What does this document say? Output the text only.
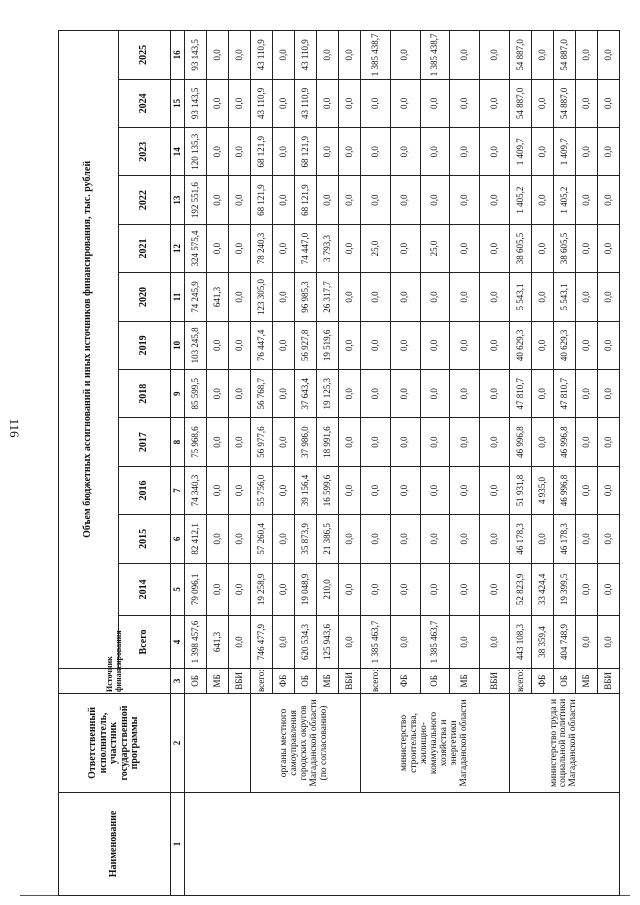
116
Наименование	Ответственный исполнитель, участник государственной программы	Источник финансирования	Объем бюджетных ассигнований и иных источников финансирования, тыс. рублей												
			Всего	2014	2015	2016	2017	2018	2019	2020	2021	2022	2023	2024	2025
1	2	3	4	5	6	7	8	9	10	11	12	13	14	15	16
		ОБ	1 398 457,6	79 096,1	82 412,1	74 340,3	75 968,6	85 599,5	103 245,8	74 245,9	324 575,4	192 551,6	120 135,3	93 143,5	93 143,5
		МБ	641,3	0,0	0,0	0,0	0,0	0,0	0,0	641,3	0,0	0,0	0,0	0,0	0,0
		ВБИ	0,0	0,0	0,0	0,0	0,0	0,0	0,0	0,0	0,0	0,0	0,0	0,0	0,0
	органы местного самоуправления городских округов Магаданской области (по согласованию)	всего:	746 477,9	19 258,9	57 260,4	55 756,0	56 977,6	56 768,7	76 447,4	123 305,0	78 240,3	68 121,9	68 121,9	43 110,9	43 110,9
		ФБ	0,0	0,0	0,0	0,0	0,0	0,0	0,0	0,0	0,0	0,0	0,0	0,0	0,0
		ОБ	620 534,3	19 048,9	35 873,9	39 156,4	37 986,0	37 643,4	56 927,8	96 985,3	74 447,0	68 121,9	68 121,9	43 110,9	43 110,9
		МБ	125 943,6	210,0	21 386,5	16 599,6	18 991,6	19 125,3	19 519,6	26 317,7	3 793,3	0,0	0,0	0,0	0,0
		ВБИ	0,0	0,0	0,0	0,0	0,0	0,0	0,0	0,0	0,0	0,0	0,0	0,0	0,0
	министерство строительства, жилищно-коммунального хозяйства и энергетики Магаданской области	всего:	1 385 463,7	0,0	0,0	0,0	0,0	0,0	0,0	0,0	25,0	0,0	0,0	0,0	1 385 438,7
		ФБ	0,0	0,0	0,0	0,0	0,0	0,0	0,0	0,0	0,0	0,0	0,0	0,0	0,0
		ОБ	1 385 463,7	0,0	0,0	0,0	0,0	0,0	0,0	0,0	25,0	0,0	0,0	0,0	1 385 438,7
		МБ	0,0	0,0	0,0	0,0	0,0	0,0	0,0	0,0	0,0	0,0	0,0	0,0	0,0
		ВБИ	0,0	0,0	0,0	0,0	0,0	0,0	0,0	0,0	0,0	0,0	0,0	0,0	0,0
	министерство труда и социальной политики Магаданской области	всего:	443 108,3	52 823,9	46 178,3	51 931,8	46 996,8	47 810,7	40 629,3	5 543,1	38 605,5	1 405,2	1 409,7	54 887,0	54 887,0
		ФБ	38 359,4	33 424,4	0,0	4 935,0	0,0	0,0	0,0	0,0	0,0	0,0	0,0	0,0	0,0
		ОБ	404 748,9	19 399,5	46 178,3	46 996,8	46 996,8	47 810,7	40 629,3	5 543,1	38 605,5	1 405,2	1 409,7	54 887,0	54 887,0
		МБ	0,0	0,0	0,0	0,0	0,0	0,0	0,0	0,0	0,0	0,0	0,0	0,0	0,0
		ВБИ	0,0	0,0	0,0	0,0	0,0	0,0	0,0	0,0	0,0	0,0	0,0	0,0	0,0
